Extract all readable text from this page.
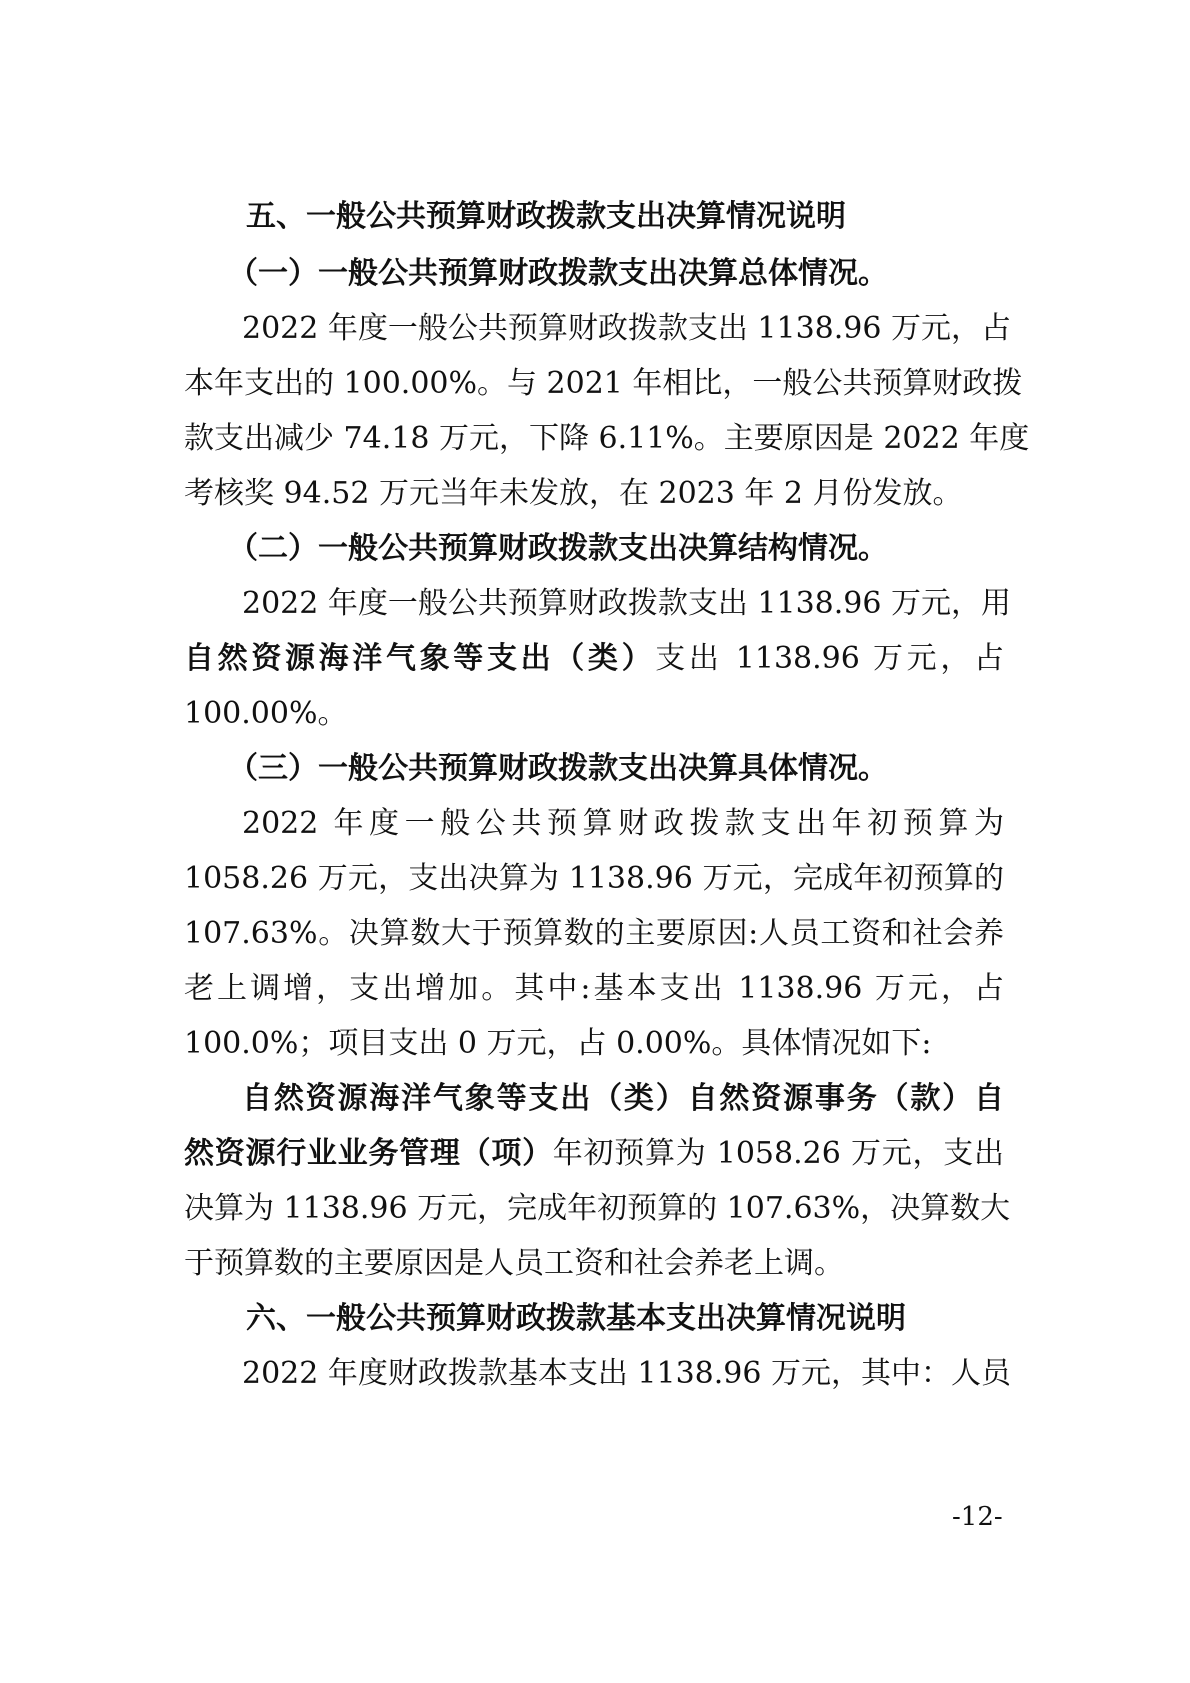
五、一般公共预算财政拨款支出决算情况说明
（一）一般公共预算财政拨款支出决算总体情况。
2022 年度一般公共预算财政拨款支出 1138.96 万元，占
本年支出的 100.00%。与 2021 年相比，一般公共预算财政拨
款支出减少 74.18 万元，下降 6.11%。主要原因是 2022 年度
考核奖 94.52 万元当年未发放，在 2023 年 2 月份发放。
（二）一般公共预算财政拨款支出决算结构情况。
2022 年度一般公共预算财政拨款支出 1138.96 万元，用
自然资源海洋气象等支出（类）支出 1138.96 万元，占
100.00%。
（三）一般公共预算财政拨款支出决算具体情况。
2022 年度一般公共预算财政拨款支出年初预算为
1058.26 万元，支出决算为 1138.96 万元，完成年初预算的
107.63%。决算数大于预算数的主要原因:人员工资和社会养
老上调增，支出增加。其中:基本支出 1138.96 万元，占
100.0%；项目支出 0 万元，占 0.00%。具体情况如下:
自然资源海洋气象等支出（类）自然资源事务（款）自
然资源行业业务管理（项）年初预算为 1058.26 万元，支出
决算为 1138.96 万元，完成年初预算的 107.63%，决算数大
于预算数的主要原因是人员工资和社会养老上调。
六、一般公共预算财政拨款基本支出决算情况说明
2022 年度财政拨款基本支出 1138.96 万元，其中：人员
-12-
